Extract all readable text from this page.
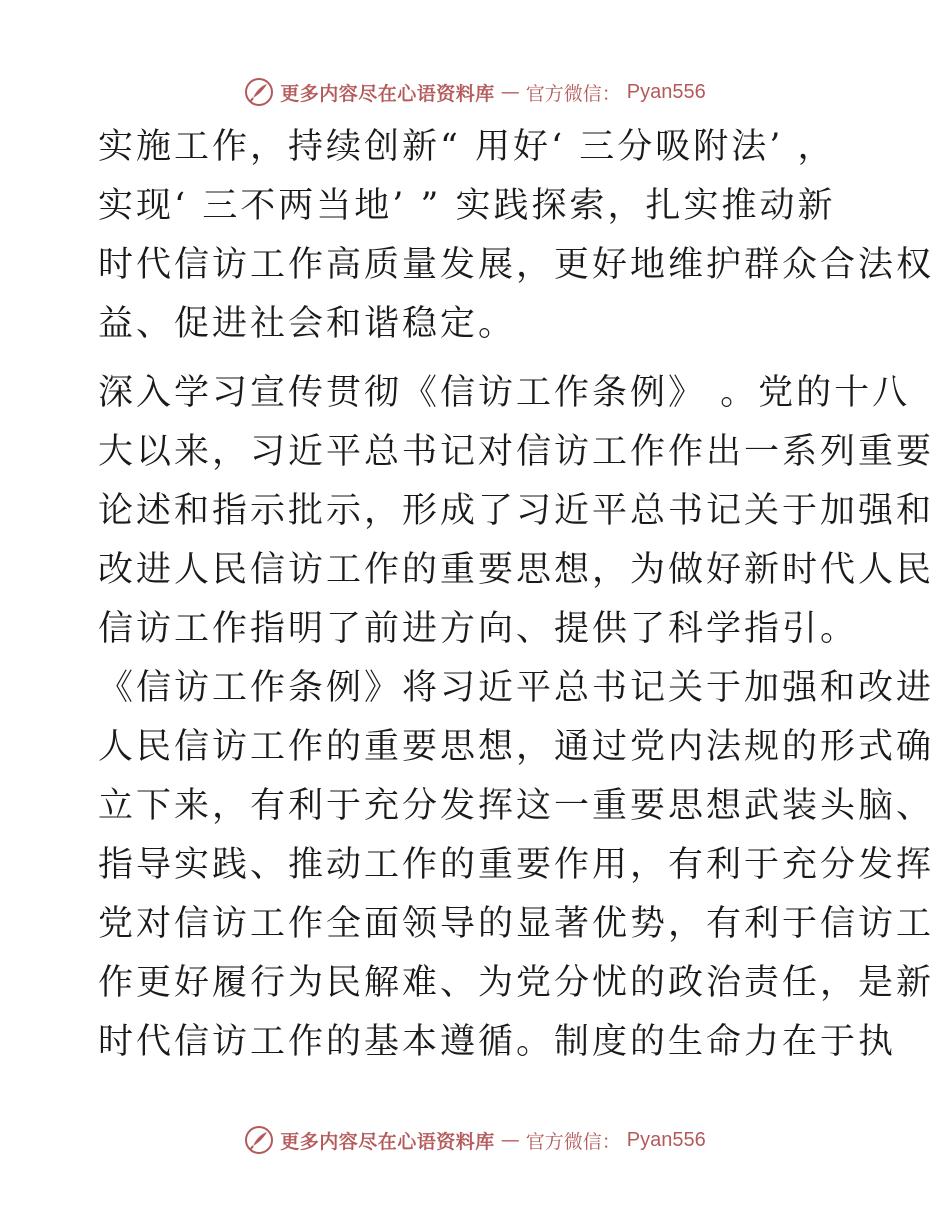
更多内容尽在心语资料库 — 官方微信： Pyan556
实施工作，持续创新“ 用好‘ 三分吸附法’ ，
实现‘ 三不两当地’ ” 实践探索，扎实推动新
时代信访工作高质量发展，更好地维护群众合法权
益、促进社会和谐稳定。
深入学习宣传贯彻《信访工作条例》 。党的十八
大以来，习近平总书记对信访工作作出一系列重要
论述和指示批示，形成了习近平总书记关于加强和
改进人民信访工作的重要思想，为做好新时代人民
信访工作指明了前进方向、提供了科学指引。
《信访工作条例》将习近平总书记关于加强和改进
人民信访工作的重要思想，通过党内法规的形式确
立下来，有利于充分发挥这一重要思想武装头脑、
指导实践、推动工作的重要作用，有利于充分发挥
党对信访工作全面领导的显著优势，有利于信访工
作更好履行为民解难、为党分忧的政治责任，是新
时代信访工作的基本遵循。制度的生命力在于执
更多内容尽在心语资料库 — 官方微信： Pyan556
